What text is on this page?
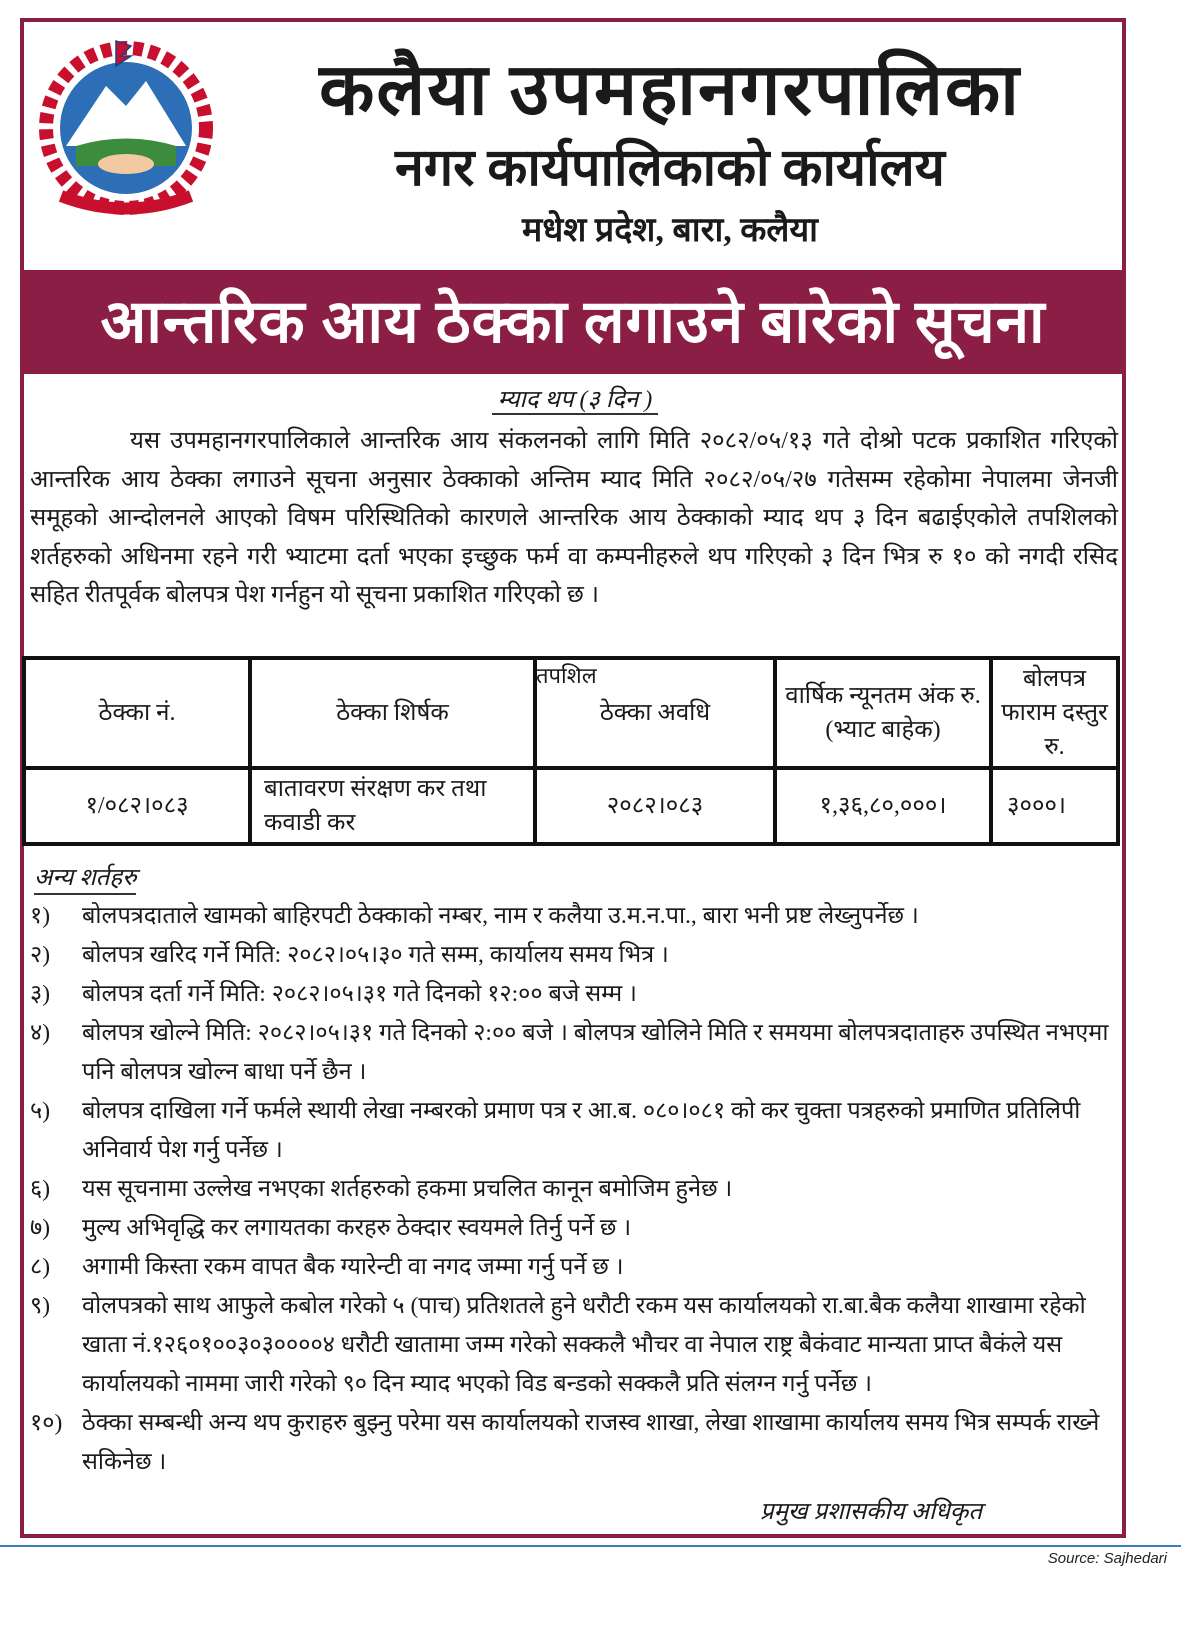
कलैया उपमहानगरपालिका
नगर कार्यपालिकाको कार्यालय
मधेश प्रदेश, बारा, कलैया
आन्तरिक आय ठेक्का लगाउने बारेको सूचना
म्याद थप (३ दिन )
यस उपमहानगरपालिकाले आन्तरिक आय संकलनको लागि मिति २०८२/०५/१३ गते दोश्रो पटक प्रकाशित गरिएको आन्तरिक आय ठेक्का लगाउने सूचना अनुसार ठेक्काको अन्तिम म्याद मिति २०८२/०५/२७ गतेसम्म रहेकोमा नेपालमा जेनजी समूहको आन्दोलनले आएको विषम परिस्थितिको कारणले आन्तरिक आय ठेक्काको म्याद थप ३ दिन बढाईएकोले तपशिलको शर्तहरुको अधिनमा रहने गरी भ्याटमा दर्ता भएका इच्छुक फर्म वा कम्पनीहरुले थप गरिएको ३ दिन भित्र रु १० को नगदी रसिद सहित रीतपूर्वक बोलपत्र पेश गर्नहुन यो सूचना प्रकाशित गरिएको छ ।
ठेक्का नं.	ठेक्का शिर्षक	ठेक्का अवधि	वार्षिक न्यूनतम अंक रु. (भ्याट बाहेक)	बोलपत्र फाराम दस्तुर रु.
१/०८२।०८३	बातावरण संरक्षण कर तथा कवाडी कर	२०८२।०८३	१,३६,८०,०००।	३०००।
तपशिल
अन्य शर्तहरु
१)	बोलपत्रदाताले खामको बाहिरपटी ठेक्काको नम्बर, नाम र कलैया उ.म.न.पा., बारा भनी प्रष्ट लेख्नुपर्नेछ ।
२)	बोलपत्र खरिद गर्ने मिति: २०८२।०५।३० गते सम्म, कार्यालय समय भित्र ।
३)	बोलपत्र दर्ता गर्ने मिति: २०८२।०५।३१ गते दिनको १२:०० बजे सम्म ।
४)	बोलपत्र खोल्ने मिति: २०८२।०५।३१ गते दिनको २:०० बजे । बोलपत्र खोलिने मिति र समयमा बोलपत्रदाताहरु उपस्थित नभएमा पनि बोलपत्र खोल्न बाधा पर्ने छैन ।
५)	बोलपत्र दाखिला गर्ने फर्मले स्थायी लेखा नम्बरको प्रमाण पत्र र आ.ब. ०८०।०८१ को कर चुक्ता पत्रहरुको प्रमाणित प्रतिलिपी अनिवार्य पेश गर्नु पर्नेछ ।
६)	यस सूचनामा उल्लेख नभएका शर्तहरुको हकमा प्रचलित कानून बमोजिम हुनेछ ।
७)	मुल्य अभिवृद्धि कर लगायतका करहरु ठेक्दार स्वयमले तिर्नु पर्ने छ ।
८)	अगामी किस्ता रकम वापत बैक ग्यारेन्टी वा नगद जम्मा गर्नु पर्ने छ ।
९)	वोलपत्रको साथ आफुले कबोल गरेको ५ (पाच) प्रतिशतले हुने धरौटी रकम यस कार्यालयको रा.बा.बैक कलैया शाखामा रहेको खाता नं.१२६०१००३०३००००४ धरौटी खातामा जम्म गरेको सक्कलै भौचर वा नेपाल राष्ट्र बैकंवाट मान्यता प्राप्त बैकंले यस कार्यालयको नाममा जारी गरेको ९० दिन म्याद भएको विड बन्डको सक्कलै प्रति संलग्न गर्नु पर्नेछ ।
१०) ठेक्का सम्बन्धी अन्य थप कुराहरु बुझ्नु परेमा यस कार्यालयको राजस्व शाखा, लेखा शाखामा कार्यालय समय भित्र सम्पर्क राख्ने सकिनेछ ।
प्रमुख प्रशासकीय अधिकृत
Source: Sajhedari
